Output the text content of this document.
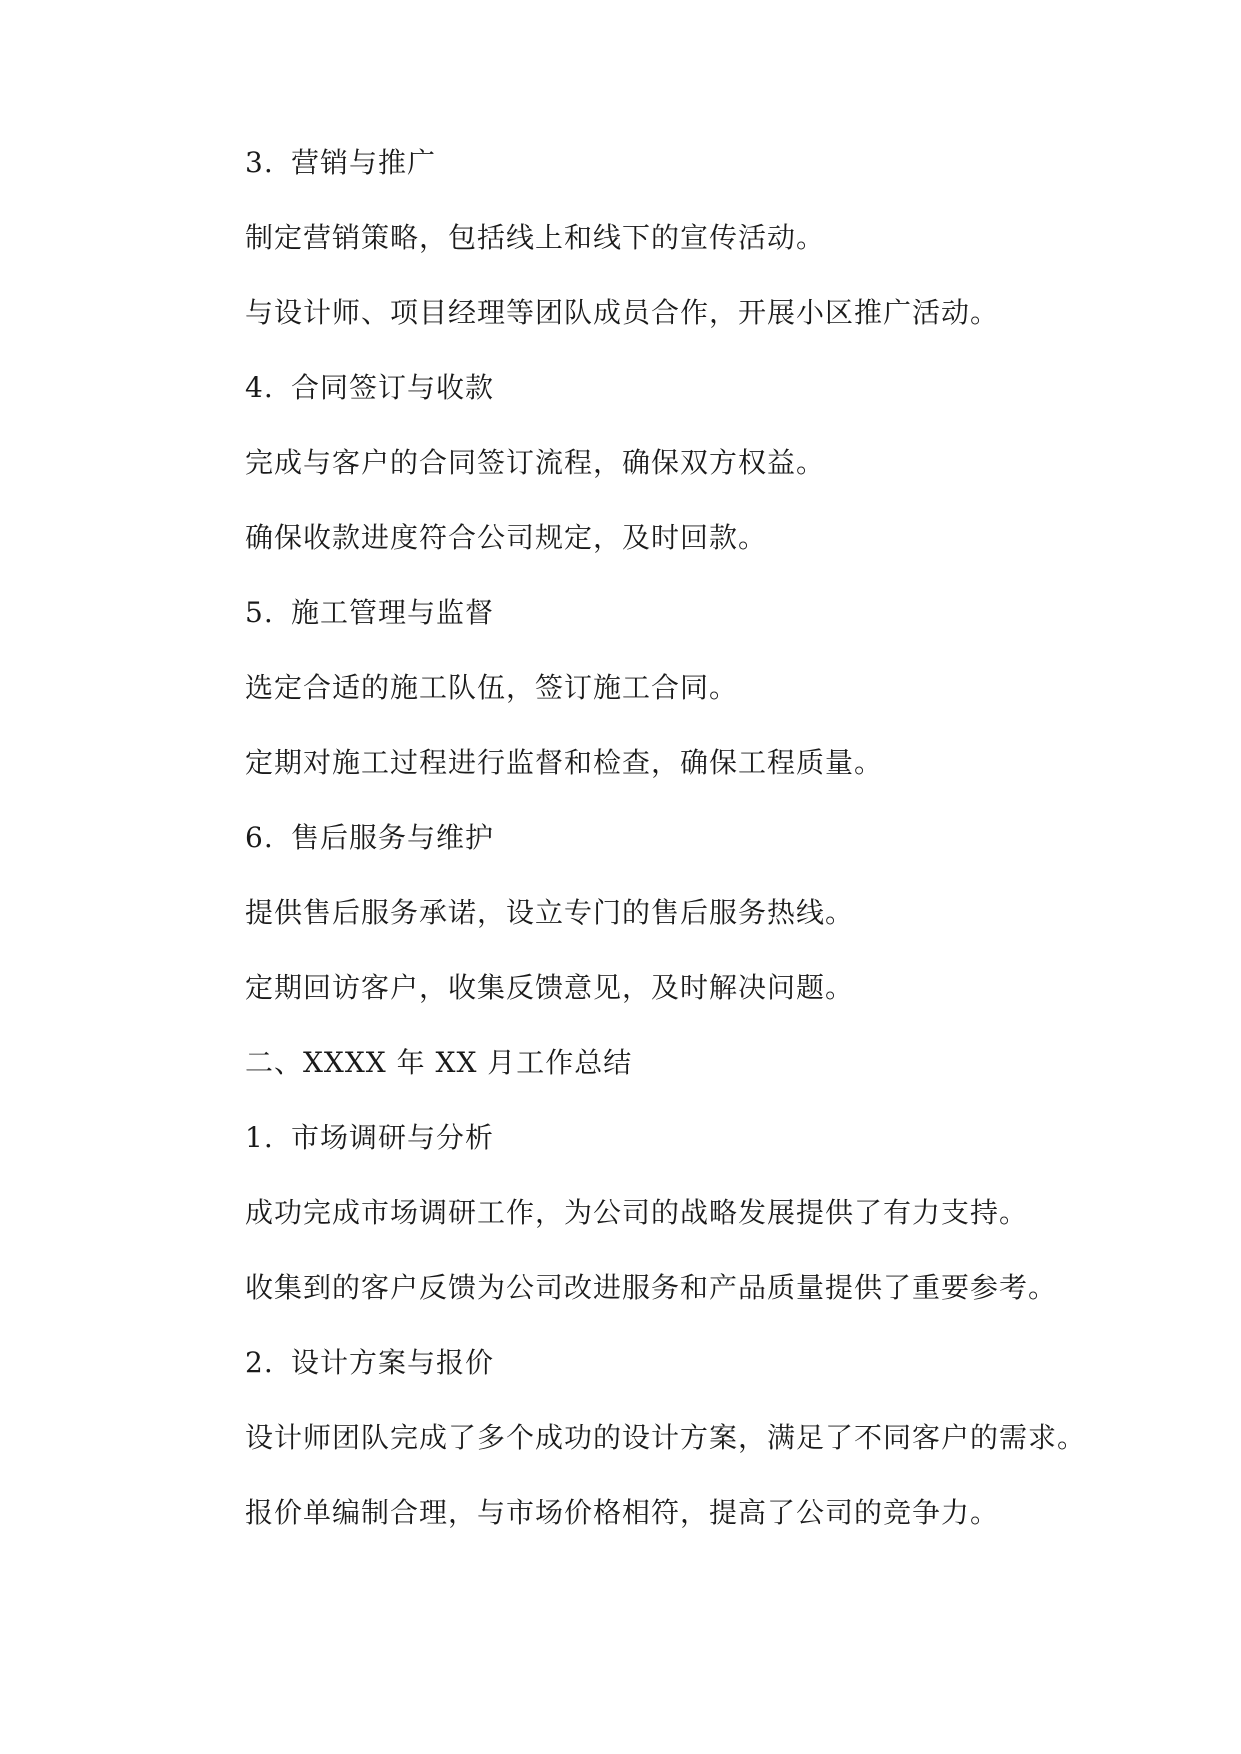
3. 营销与推广
制定营销策略，包括线上和线下的宣传活动。
与设计师、项目经理等团队成员合作，开展小区推广活动。
4. 合同签订与收款
完成与客户的合同签订流程，确保双方权益。
确保收款进度符合公司规定，及时回款。
5. 施工管理与监督
选定合适的施工队伍，签订施工合同。
定期对施工过程进行监督和检查，确保工程质量。
6. 售后服务与维护
提供售后服务承诺，设立专门的售后服务热线。
定期回访客户，收集反馈意见，及时解决问题。
二、XXXX 年 XX 月工作总结
1. 市场调研与分析
成功完成市场调研工作，为公司的战略发展提供了有力支持。
收集到的客户反馈为公司改进服务和产品质量提供了重要参考。
2. 设计方案与报价
设计师团队完成了多个成功的设计方案，满足了不同客户的需求。
报价单编制合理，与市场价格相符，提高了公司的竞争力。
